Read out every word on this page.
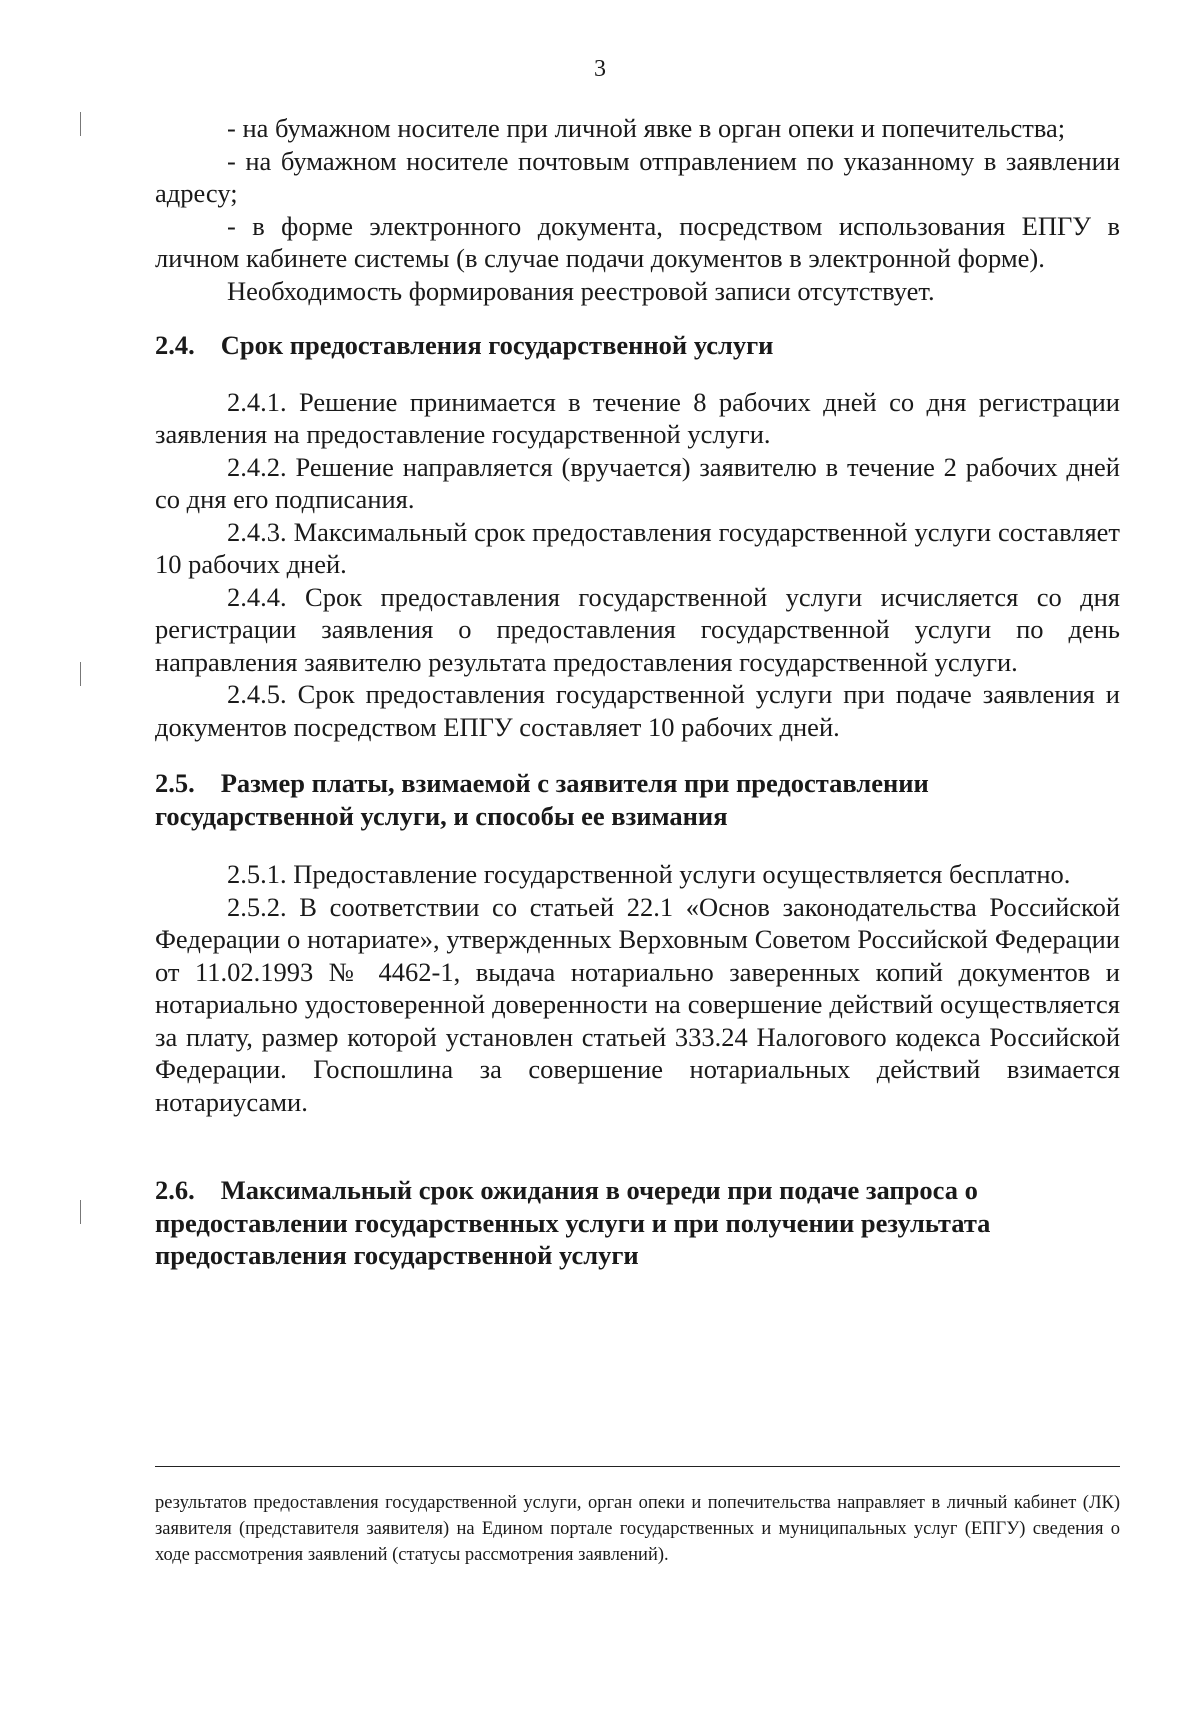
3

- на бумажном носителе при личной явке в орган опеки и попечительства;

- на бумажном носителе почтовым отправлением по указанному в заявлении адресу;

- в форме электронного документа, посредством использования ЕПГУ в личном кабинете системы (в случае подачи документов в электронной форме).

Необходимость формирования реестровой записи отсутствует.

2.4. Срок предоставления государственной услуги

2.4.1. Решение принимается в течение 8 рабочих дней со дня регистрации заявления на предоставление государственной услуги.

2.4.2. Решение направляется (вручается) заявителю в течение 2 рабочих дней со дня его подписания.

2.4.3. Максимальный срок предоставления государственной услуги составляет 10 рабочих дней.

2.4.4. Срок предоставления государственной услуги исчисляется со дня регистрации заявления о предоставления государственной услуги по день направления заявителю результата предоставления государственной услуги.

2.4.5. Срок предоставления государственной услуги при подаче заявления и документов посредством ЕПГУ составляет 10 рабочих дней.

2.5. Размер платы, взимаемой с заявителя при предоставлении
государственной услуги, и способы ее взимания

2.5.1. Предоставление государственной услуги осуществляется бесплатно.

2.5.2. В соответствии со статьей 22.1 «Основ законодательства Российской Федерации о нотариате», утвержденных Верховным Советом Российской Федерации от 11.02.1993 № 4462-1, выдача нотариально заверенных копий документов и нотариально удостоверенной доверенности на совершение действий осуществляется за плату, размер которой установлен статьей 333.24 Налогового кодекса Российской Федерации. Госпошлина за совершение нотариальных действий взимается нотариусами.

2.6. Максимальный срок ожидания в очереди при подаче запроса о
предоставлении государственных услуги и при получении результата
предоставления государственной услуги

результатов предоставления государственной услуги, орган опеки и попечительства направляет в личный кабинет (ЛК) заявителя (представителя заявителя) на Едином портале государственных и муниципальных услуг (ЕПГУ) сведения о ходе рассмотрения заявлений (статусы рассмотрения заявлений).
